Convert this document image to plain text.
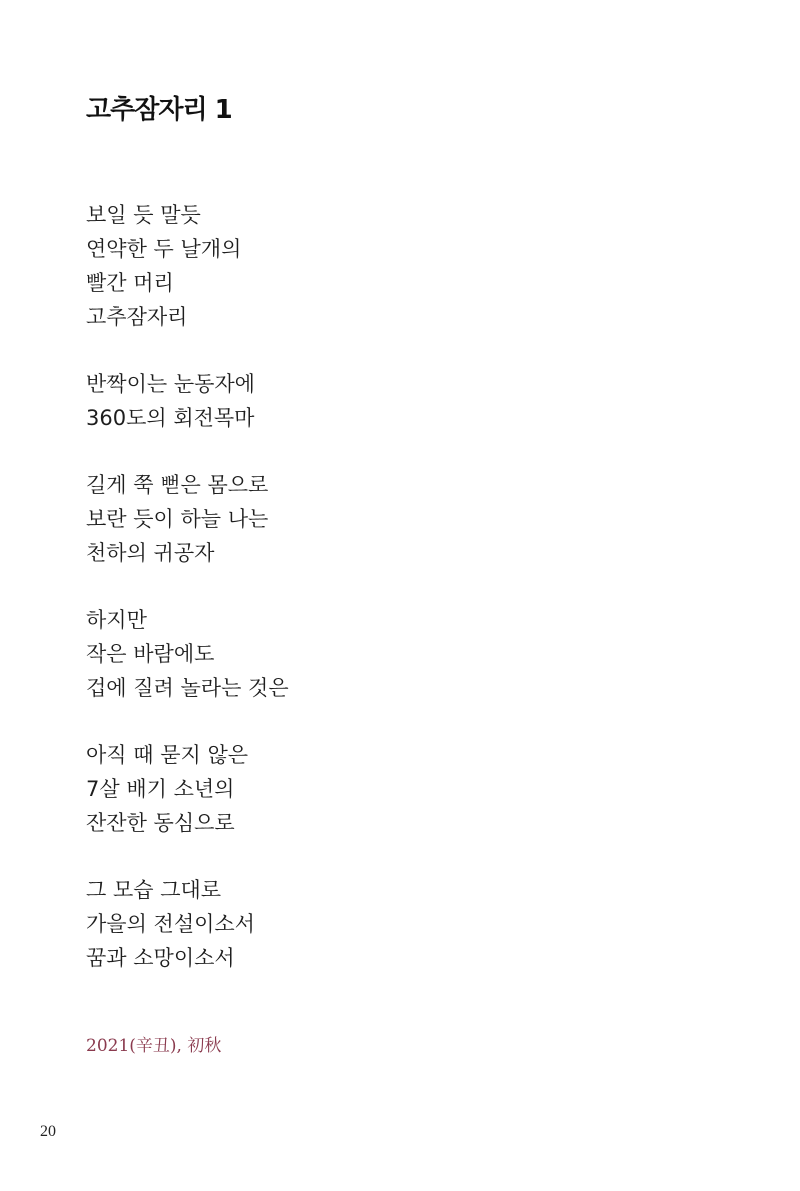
고추잠자리 1
보일 듯 말듯
연약한 두 날개의
빨간 머리
고추잠자리
반짝이는 눈동자에
360도의 회전목마
길게 쭉 뻗은 몸으로
보란 듯이 하늘 나는
천하의 귀공자
하지만
작은 바람에도
겁에 질려 놀라는 것은
아직 때 묻지 않은
7살 배기 소년의
잔잔한 동심으로
그 모습 그대로
가을의 전설이소서
꿈과 소망이소서
2021(辛丑), 初秋
20
